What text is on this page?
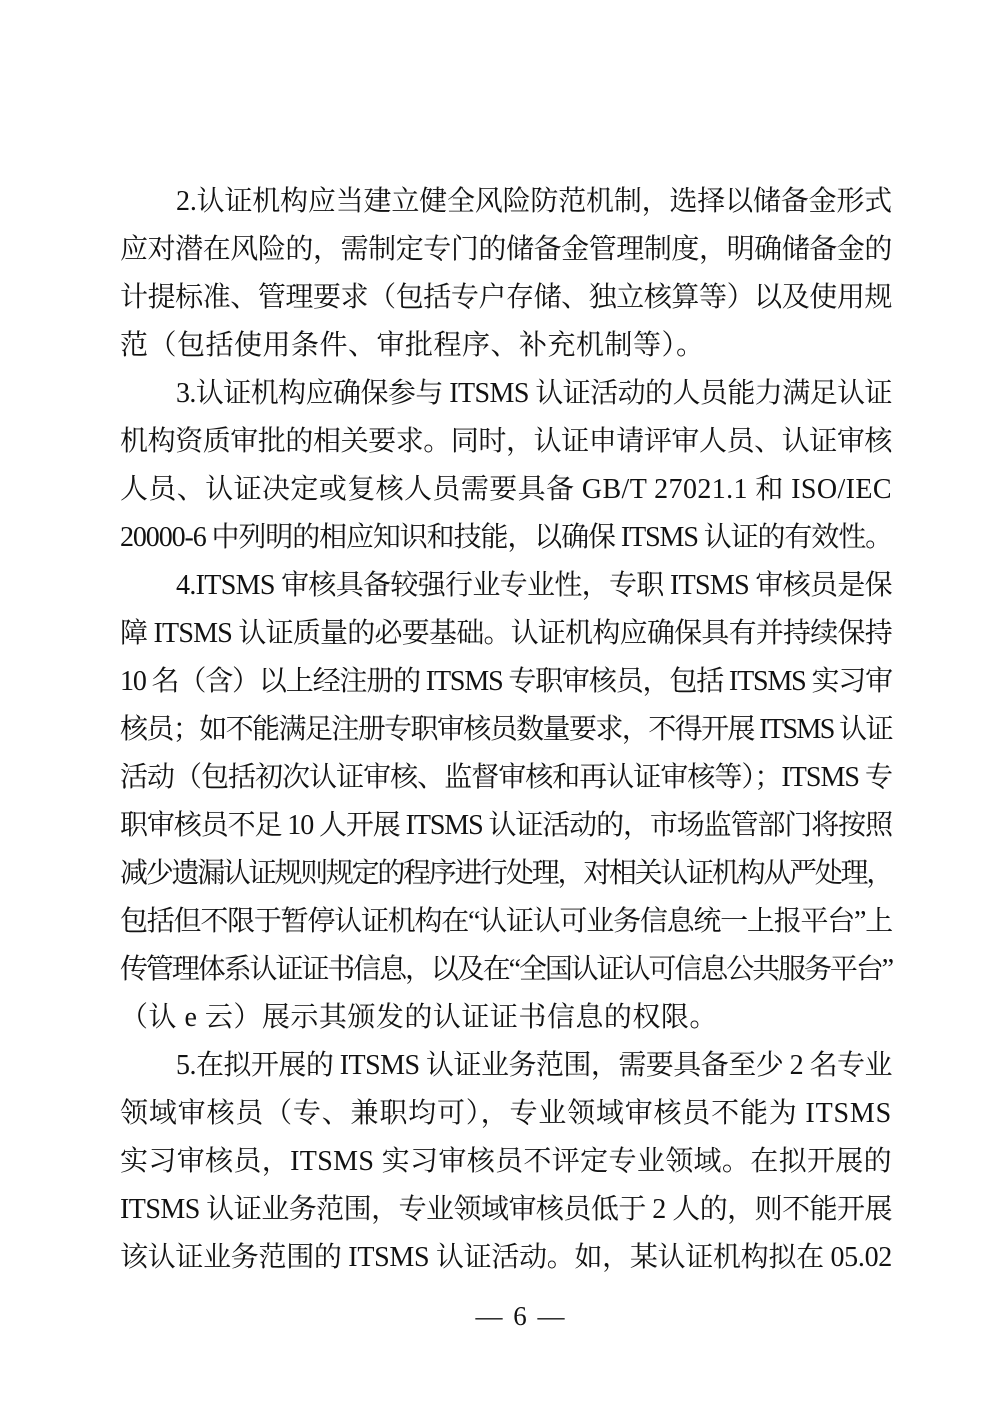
2.认证机构应当建立健全风险防范机制，选择以储备金形式
应对潜在风险的，需制定专门的储备金管理制度，明确储备金的
计提标准、管理要求（包括专户存储、独立核算等）以及使用规
范（包括使用条件、审批程序、补充机制等）。
3.认证机构应确保参与 ITSMS 认证活动的人员能力满足认证
机构资质审批的相关要求。同时，认证申请评审人员、认证审核
人员、认证决定或复核人员需要具备 GB/T 27021.1 和 ISO/IEC
20000-6 中列明的相应知识和技能，以确保 ITSMS 认证的有效性。
4.ITSMS 审核具备较强行业专业性，专职 ITSMS 审核员是保
障 ITSMS 认证质量的必要基础。认证机构应确保具有并持续保持
10 名（含）以上经注册的 ITSMS 专职审核员，包括 ITSMS 实习审
核员；如不能满足注册专职审核员数量要求，不得开展 ITSMS 认证
活动（包括初次认证审核、监督审核和再认证审核等）；ITSMS 专
职审核员不足 10 人开展 ITSMS 认证活动的，市场监管部门将按照
减少遗漏认证规则规定的程序进行处理，对相关认证机构从严处理，
包括但不限于暂停认证机构在“认证认可业务信息统一上报平台”上
传管理体系认证证书信息，以及在“全国认证认可信息公共服务平台”
（认 e 云）展示其颁发的认证证书信息的权限。
5.在拟开展的 ITSMS 认证业务范围，需要具备至少 2 名专业
领域审核员（专、兼职均可），专业领域审核员不能为 ITSMS
实习审核员，ITSMS 实习审核员不评定专业领域。在拟开展的
ITSMS 认证业务范围，专业领域审核员低于 2 人的，则不能开展
该认证业务范围的 ITSMS 认证活动。如，某认证机构拟在 05.02
— 6 —
